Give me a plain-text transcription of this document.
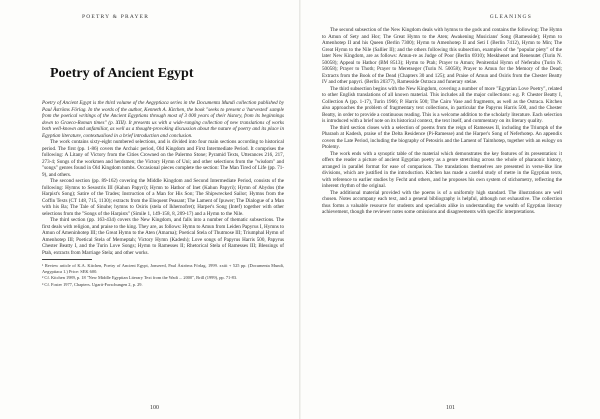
POETRY & PRAYER
Poetry of Ancient Egypt

Poetry of Ancient Egypt is the third volume of the Aegyptiaca series in the Documenta Mundi collection published by Paul Åströms Förlag. In the words of the author, Kenneth A. Kitchen, the book "seeks to present a 'harvested' sample from the poetical writings of the Ancient Egyptians through most of 3 000 years of their history, from its beginnings down to Graeco-Roman times" (p. XIII). It presents us with a wide-ranging collection of new translations of works both well-known and unfamiliar, as well as a thought-provoking discussion about the nature of poetry and its place in Egyptian literature, contextualised in a brief introduction and conclusion.

The work contains sixty-eight numbered selections, and is divided into four main sections according to historical period. The first (pp. 1-86) covers the Archaic period, Old Kingdom and First Intermediate Period. It comprises the following: A Litany of Victory from the Cities Crowned on the Palermo Stone; Pyramid Texts, Utterances 216, 217, 273-4; Songs of the workmen and herdsmen; the Victory Hymn of Uni; and other selections from the "wisdom" and "songs" genres found in Old Kingdom tombs. Occasional pieces complete the section: The Man Tired of Life (pp. 71-9), and others.

The second section (pp. 89-162) covering the Middle Kingdom and Second Intermediate Period, consists of the following: Hymns to Sesostris III (Kahun Papyri); Hymn to Hathor of Inet (Kahun Papyri); Hymn of Abydos (the Harpist's Song); Satire of the Trades; Instruction of a Man for His Son; The Shipwrecked Sailor; Hymns from the Coffin Texts (CT 148, 715, 1130); extracts from the Eloquent Peasant; The Lament of Ipuwer; The Dialogue of a Man with his Ba; The Tale of Sinuhe; hymns to Osiris (stela of Ikhernofret); Harper's Song (Intef) together with other selections from the "Songs of the Harpists" (Simile 1, 149-158, 8, 209-17) and a Hymn to the Nile.

The third section (pp. 163-434) covers the New Kingdom, and falls into a number of thematic subsections. The first deals with religion, and praise to the king. They are, as follows: Hymn to Amun from Leiden Papyrus I, Hymns to Amun of Ameninhotep III; the Great Hymn to the Aten (Amarna); Poetical Stela of Thutmose III; Triumphal Hymn of Amenhotep III; Poetical Stela of Merneptah; Victory Hymn (Kadesh); Love songs of Papyrus Harris 500, Papyrus Chester Beatty I, and the Turin Love Songs; Hymn to Ramesses II; Rhetorical Stela of Ramesses III; Blessings of Ptah, extracts from Marriage Stela; and other works.

¹ Review article of K.A. Kitchen, Poetry of Ancient Egypt, Jonsered, Paul Åströms Förlag, 1999. xxiii + 525 pp. (Documenta Mundi, Aegyptiaca 1.) Price: SEK 600.

² Cf. Kitchen 1989, p. 18 "New Middle Egyptian Literary Text from the Wadi ... 2000", Brill (1999), pp. 71-83.

³ Cf. Foster 1977, Chapters. Ugarit-Forschungen 2, p. 29.

100
GLEANINGS

The second subsection of the New Kingdom deals with hymns to the gods and contains the following: The Hymn to Amun of Sety and Hor; The Great Hymn to the Aten; Awakening Musicians' Song (Ramesside); Hymn to Amenhotep II and his Queen (Berlin 7300); Hymn to Amenhotep II and Seti I (Berlin 7412), Hymn to Min; The Great Hymn to the Nile (Sallier II); and the others following this subsection, examples of the "popular piety" of the later New Kingdom, are as follows: Amun-re as Judge of Poor (Berlin 6910); Meskhenet and Renenutet (Turin N. 50058); Appeal to Hathor (BM 8513); Hymn to Ptah; Prayer to Amun; Penitential Hymn of Neferabu (Turin N. 50058); Prayer to Thoth; Prayer to Meretseger (Turin N. 50058); Prayer to Amun for the Memory of the Dead; Extracts from the Book of the Dead (Chapters 30 and 125); and Praise of Amun and Osiris from the Chester Beatty IV and other papyri. (Berlin 20377), Ramesside Ostraca and funerary stelae.

The third subsection begins with the New Kingdom, covering a number of more "Egyptian Love Poetry", related to other English translations of all known material. This includes all the major collections: e.g. P. Chester Beatty I, Collection A (pp. 1-17), Turin 1966; P. Harris 500; The Cairo Vase and fragments, as well as the Ostraca. Kitchen also approaches the problem of fragmentary text collections, in particular the Papyrus Harris 500, and the Chester Beatty, in order to provide a continuous reading. This is a welcome addition to the scholarly literature. Each selection is introduced with a brief note on its historical context, the text itself, and commentary on its literary quality.

The third section closes with a selection of poems from the reign of Ramesses II, including the Triumph of the Pharaoh at Kadesh, praise of the Delta Residence (Pi-Ramesse) and the Harper's Song of Neferhotep. An appendix covers the Late Period, including the biography of Petosiris and the Lament of Taimhotep, together with an eulogy on Ptolemy.

The work ends with a synoptic table of the material which demonstrates the key features of its presentation: it offers the reader a picture of ancient Egyptian poetry as a genre stretching across the whole of pharaonic history, arranged in parallel format for ease of comparison. The translations themselves are presented in verse-like line divisions, which are justified in the introduction. Kitchen has made a careful study of metre in the Egyptian texts, with reference to earlier studies by Fecht and others, and he proposes his own system of stichometry, reflecting the inherent rhythm of the original.

The additional material provided with the poems is of a uniformly high standard. The illustrations are well chosen. Notes accompany each text, and a general bibliography is helpful, although not exhaustive. The collection thus forms a valuable resource for students and specialists alike in understanding the wealth of Egyptian literary achievement, though the reviewer notes some omissions and disagreements with specific interpretations.

101
